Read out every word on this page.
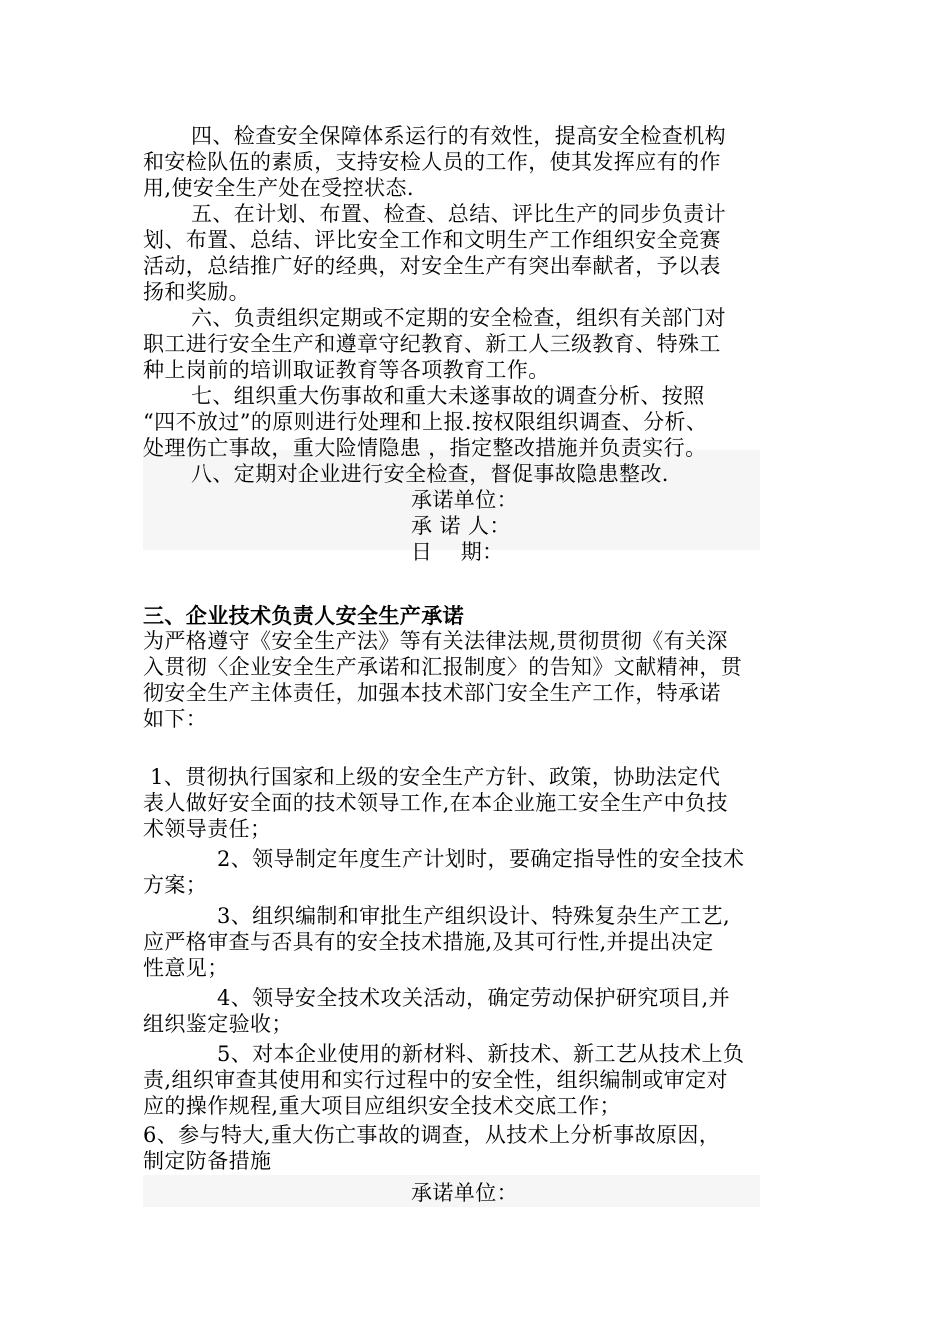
四、检查安全保障体系运行的有效性，提高安全检查机构
和安检队伍的素质，支持安检人员的工作，使其发挥应有的作
用,使安全生产处在受控状态.
五、在计划、布置、检查、总结、评比生产的同步负责计
划、布置、总结、评比安全工作和文明生产工作组织安全竞赛
活动，总结推广好的经典，对安全生产有突出奉献者，予以表
扬和奖励。
六、负责组织定期或不定期的安全检查，组织有关部门对
职工进行安全生产和遵章守纪教育、新工人三级教育、特殊工
种上岗前的培训取证教育等各项教育工作。
七、组织重大伤事故和重大未遂事故的调查分析、按照
“四不放过”的原则进行处理和上报.按权限组织调查、分析、
处理伤亡事故，重大险情隐患 ，指定整改措施并负责实行。
八、定期对企业进行安全检查，督促事故隐患整改.
承诺单位：
承 诺 人：
日    期：
三、企业技术负责人安全生产承诺
为严格遵守《安全生产法》等有关法律法规,贯彻贯彻《有关深
入贯彻〈企业安全生产承诺和汇报制度〉的告知》文献精神，贯
彻安全生产主体责任，加强本技术部门安全生产工作，特承诺
如下：
1、贯彻执行国家和上级的安全生产方针、政策，协助法定代
表人做好安全面的技术领导工作,在本企业施工安全生产中负技
术领导责任；
2、领导制定年度生产计划时，要确定指导性的安全技术
方案；
3、组织编制和审批生产组织设计、特殊复杂生产工艺,
应严格审查与否具有的安全技术措施,及其可行性,并提出决定
性意见；
4、领导安全技术攻关活动，确定劳动保护研究项目,并
组织鉴定验收；
5、对本企业使用的新材料、新技术、新工艺从技术上负
责,组织审查其使用和实行过程中的安全性，组织编制或审定对
应的操作规程,重大项目应组织安全技术交底工作；
6、参与特大,重大伤亡事故的调查，从技术上分析事故原因，
制定防备措施
承诺单位：
